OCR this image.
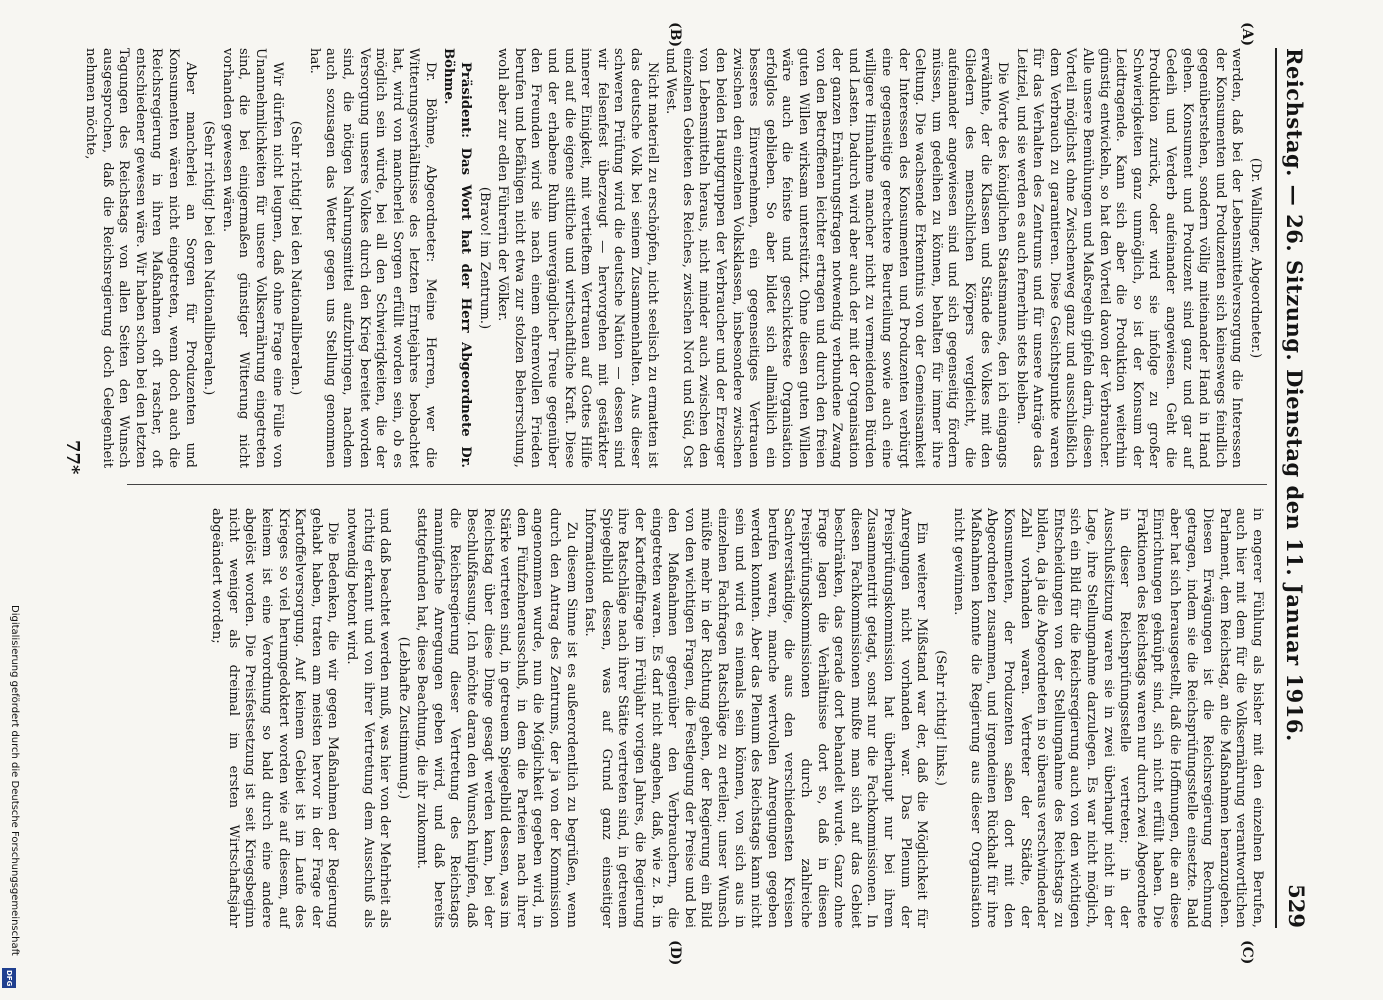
Reichstag. — 26. Sitzung. Dienstag den 11. Januar 1916.
529
(A)
(B)
(C)
(D)

(Dr. Wallinger, Abgeordneter.)

werden, daß bei der Lebensmittelversorgung die Interessen der Konsumenten und Produzenten sich keineswegs feindlich gegenüberstehen, sondern völlig miteinander Hand in Hand gehen. Konsument und Produzent sind ganz und gar auf Gedeih und Verderb aufeinander angewiesen. Geht die Produktion zurück, oder wird sie infolge zu großer Schwierigkeiten ganz unmöglich, so ist der Konsum der Leidtragende. Kann sich aber die Produktion weiterhin günstig entwickeln, so hat den Vorteil davon der Verbraucher. Alle unsere Bemühungen und Maßregeln gipfeln darin, diesen Vorteil möglichst ohne Zwischenweg ganz und ausschließlich dem Verbrauch zu garantieren. Diese Gesichtspunkte waren für das Verhalten des Zentrums und für unsere Anträge das Leitziel, und sie werden es auch fernerhin stets bleiben.

Die Worte des königlichen Staatsmannes, den ich eingangs erwähnte, der die Klassen und Stände des Volkes mit den Gliedern des menschlichen Körpers vergleicht, die aufeinander angewiesen sind und sich gegenseitig fördern müssen, um gedeihen zu können, behalten für immer ihre Geltung. Die wachsende Erkenntnis von der Gemeinsamkeit der Interessen des Konsumenten und Produzenten verbürgt eine gegenseitige gerechtere Beurteilung sowie auch eine willigere Hinnahme mancher nicht zu vermeidenden Bürden und Lasten. Dadurch wird aber auch der mit der Organisation der ganzen Ernährungsfragen notwendig verbundene Zwang von den Betroffenen leichter ertragen und durch den freien guten Willen wirksam unterstützt. Ohne diesen guten Willen wäre auch die feinste und geschickteste Organisation erfolglos geblieben. So aber bildet sich allmählich ein besseres Einvernehmen, ein gegenseitiges Vertrauen zwischen den einzelnen Volksklassen, insbesondere zwischen den beiden Hauptgruppen der Verbraucher und der Erzeuger von Lebensmitteln heraus, nicht minder auch zwischen den einzelnen Gebieten des Reiches, zwischen Nord und Süd, Ost und West.

Nicht materiell zu erschöpfen, nicht seelisch zu ermatten ist das deutsche Volk bei seinem Zusammenhalten. Aus dieser schweren Prüfung wird die deutsche Nation — dessen sind wir felsenfest überzeugt — hervorgehen mit gestärkter innerer Einigkeit, mit vertieftem Vertrauen auf Gottes Hilfe und auf die eigene sittliche und wirtschaftliche Kraft. Diese und der erhabene Ruhm unvergänglicher Treue gegenüber den Freunden wird sie nach einem ehrenvollen Frieden berufen und befähigen nicht etwa zur stolzen Beherrschung, wohl aber zur edlen Führerin der Völker.

(Bravo! im Zentrum.)

Präsident: Das Wort hat der Herr Abgeordnete Dr. Böhme.

Dr. Böhme, Abgeordneter: Meine Herren, wer die Witterungsverhältnisse des letzten Erntejahres beobachtet hat, wird von mancherlei Sorgen erfüllt worden sein, ob es möglich sein würde, bei all den Schwierigkeiten, die der Versorgung unseres Volkes durch den Krieg bereitet worden sind, die nötigen Nahrungsmittel aufzubringen, nachdem auch sozusagen das Wetter gegen uns Stellung genommen hat.

(Sehr richtig! bei den Nationalliberalen.)

Wir dürfen nicht leugnen, daß ohne Frage eine Fülle von Unannehmlichkeiten für unsere Volksernährung eingetreten sind, die bei einigermaßen günstiger Witterung nicht vorhanden gewesen wären.

(Sehr richtig! bei den Nationalliberalen.)

Aber mancherlei an Sorgen für Produzenten und Konsumenten wären nicht eingetreten, wenn doch auch die Reichsregierung in ihren Maßnahmen oft rascher, oft entschiedener gewesen wäre. Wir haben schon bei den letzten Tagungen des Reichstags von allen Seiten den Wunsch ausgesprochen, daß die Reichsregierung doch Gelegenheit nehmen möchte,

in engerer Fühlung als bisher mit den einzelnen Berufen, auch hier mit dem für die Volksernährung verantwortlichen Parlament, dem Reichstag, an die Maßnahmen heranzugehen. Diesen Erwägungen ist die Reichsregierung Rechnung getragen, indem sie die Reichsprüfungsstelle einsetzte. Bald aber hat sich herausgestellt, daß die Hoffnungen, die an diese Einrichtungen geknüpft sind, sich nicht erfüllt haben. Die Fraktionen des Reichstags waren nur durch zwei Abgeordnete in dieser Reichsprüfungsstelle vertreten; in der Ausschußsitzung waren sie in zwei überhaupt nicht in der Lage, ihre Stellungnahme darzulegen. Es war nicht möglich, sich ein Bild für die Reichsregierung auch von den wichtigen Entscheidungen von der Stellungnahme des Reichstags zu bilden, da ja die Abgeordneten in so überaus verschwindender Zahl vorhanden waren. Vertreter der Städte, der Konsumenten, der Produzenten saßen dort mit den Abgeordneten zusammen, und irgendeinen Rückhalt für ihre Maßnahmen konnte die Regierung aus dieser Organisation nicht gewinnen.

(Sehr richtig! links.)

Ein weiterer Mißstand war der, daß die Möglichkeit für Anregungen nicht vorhanden war. Das Plenum der Preisprüfungskommission hat überhaupt nur bei ihrem Zusammentritt getagt, sonst nur die Fachkommissionen. In diesen Fachkommissionen mußte man sich auf das Gebiet beschränken, das gerade dort behandelt wurde. Ganz ohne Frage lagen die Verhältnisse dort so, daß in diesen Preisprüfungskommissionen durch zahlreiche Sachverständige, die aus den verschiedensten Kreisen berufen waren, manche wertvollen Anregungen gegeben werden konnten. Aber das Plenum des Reichstags kann nicht sein und wird es niemals sein können, von sich aus in einzelnen Fachfragen Ratschläge zu erteilen; unser Wunsch müßte mehr in der Richtung gehen, der Regierung ein Bild von den wichtigen Fragen, die Festlegung der Preise und bei den Maßnahmen gegenüber den Verbrauchern, die eingetreten waren. Es darf nicht angehen, daß, wie z. B. in der Kartoffelfrage im Frühjahr vorigen Jahres, die Regierung ihre Ratschläge nach ihrer Stätte vertreten sind, in getreuem Spiegelbild dessen, was auf Grund ganz einseitiger Informationen fast.

Zu diesem Sinne ist es außerordentlich zu begrüßen, wenn durch den Antrag des Zentrums, der ja von der Kommission angenommen wurde, nun die Möglichkeit gegeben wird, in dem Fünfzehnerausschuß, in dem die Parteien nach ihrer Stärke vertreten sind, in getreuem Spiegelbild dessen, was im Reichstag über diese Dinge gesagt werden kann, bei der Beschlußfassung. Ich möchte daran den Wunsch knüpfen, daß die Reichsregierung dieser Vertretung des Reichstags mannigfache Anregungen geben wird, und daß bereits stattgefunden hat, diese Beachtung, die ihr zukommt.

(Lebhafte Zustimmung.)

und daß beachtet werden muß, was hier von der Mehrheit als richtig erkannt und von ihrer Vertretung dem Ausschuß als notwendig betont wird.

Die Bedenken, die wir gegen Maßnahmen der Regierung gehabt haben, traten am meisten hervor in der Frage der Kartoffelversorgung. Auf keinem Gebiet ist im Laufe des Krieges so viel herumgedoktert worden wie auf diesem, auf keinem ist eine Verordnung so bald durch eine andere abgelöst worden. Die Preisfestsetzung ist seit Kriegsbeginn nicht weniger als dreimal im ersten Wirtschaftsjahr abgeändert worden;

77*
Digitalisierung gefördert durch die Deutsche Forschungsgemeinschaft
DFG
